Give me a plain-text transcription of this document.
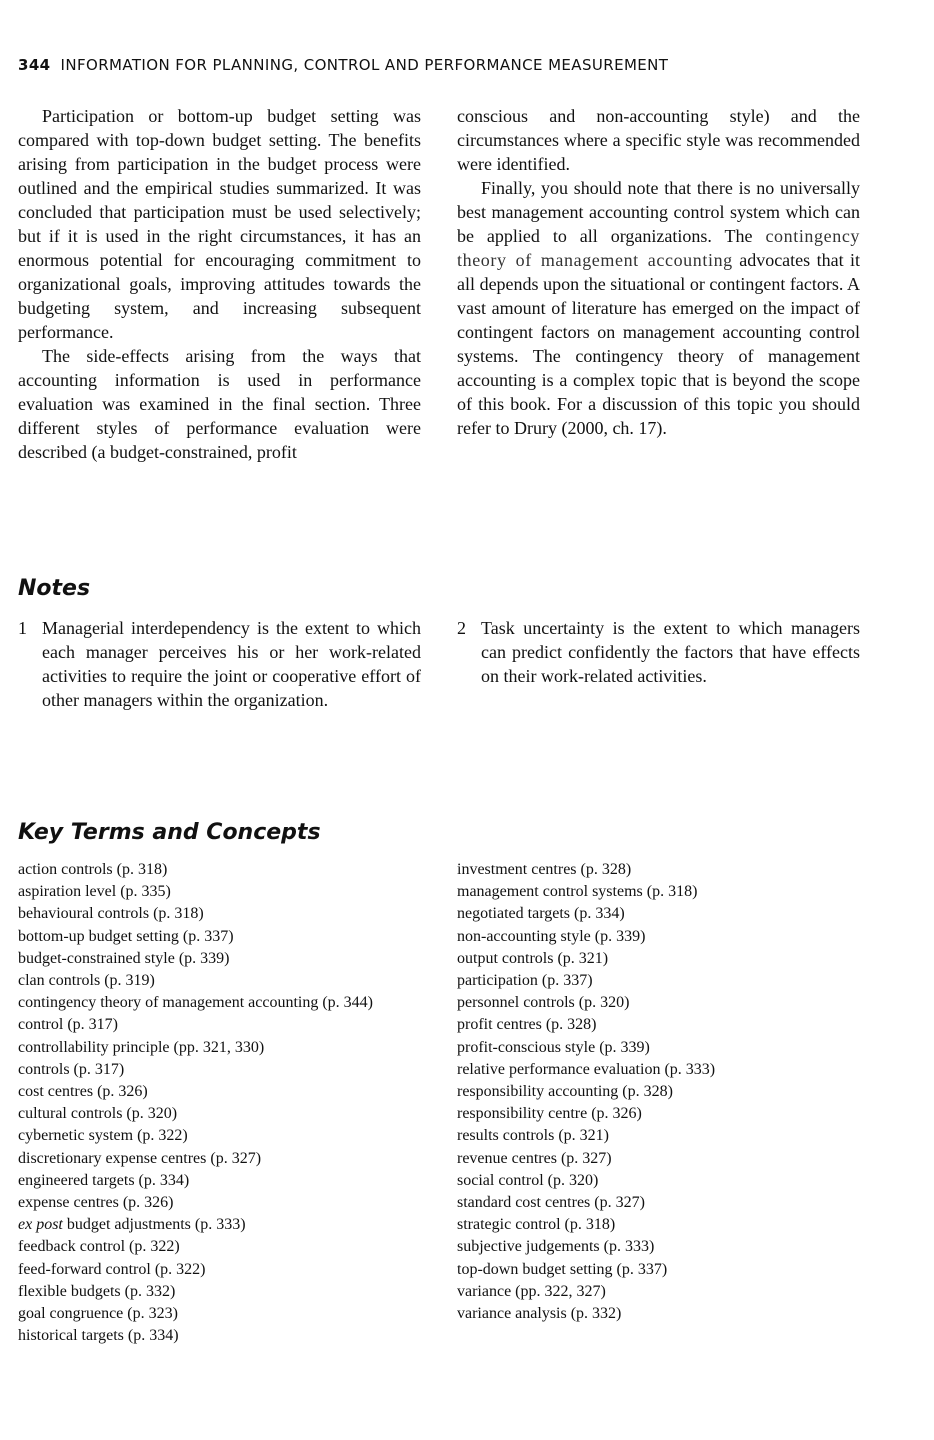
344 INFORMATION FOR PLANNING, CONTROL AND PERFORMANCE MEASUREMENT

Participation or bottom-up budget setting was compared with top-down budget setting. The benefits arising from participation in the budget process were outlined and the empirical studies summarized. It was concluded that participation must be used selectively; but if it is used in the right circumstances, it has an enormous potential for encouraging commitment to organizational goals, improving attitudes towards the budgeting system, and increasing subsequent performance.

The side-effects arising from the ways that accounting information is used in performance evaluation was examined in the final section. Three different styles of performance evaluation were described (a budget-constrained, profit

conscious and non-accounting style) and the circumstances where a specific style was recommended were identified.

Finally, you should note that there is no universally best management accounting control system which can be applied to all organizations. The contingency theory of management accounting advocates that it all depends upon the situational or contingent factors. A vast amount of literature has emerged on the impact of contingent factors on management accounting control systems. The contingency theory of management accounting is a complex topic that is beyond the scope of this book. For a discussion of this topic you should refer to Drury (2000, ch. 17).

Notes
1 Managerial interdependency is the extent to which each manager perceives his or her work-related activities to require the joint or cooperative effort of other managers within the organization.
2 Task uncertainty is the extent to which managers can predict confidently the factors that have effects on their work-related activities.
Key Terms and Concepts
action controls (p. 318)
aspiration level (p. 335)
behavioural controls (p. 318)
bottom-up budget setting (p. 337)
budget-constrained style (p. 339)
clan controls (p. 319)
contingency theory of management accounting (p. 344)
control (p. 317)
controllability principle (pp. 321, 330)
controls (p. 317)
cost centres (p. 326)
cultural controls (p. 320)
cybernetic system (p. 322)
discretionary expense centres (p. 327)
engineered targets (p. 334)
expense centres (p. 326)
ex post budget adjustments (p. 333)
feedback control (p. 322)
feed-forward control (p. 322)
flexible budgets (p. 332)
goal congruence (p. 323)
historical targets (p. 334)
investment centres (p. 328)
management control systems (p. 318)
negotiated targets (p. 334)
non-accounting style (p. 339)
output controls (p. 321)
participation (p. 337)
personnel controls (p. 320)
profit centres (p. 328)
profit-conscious style (p. 339)
relative performance evaluation (p. 333)
responsibility accounting (p. 328)
responsibility centre (p. 326)
results controls (p. 321)
revenue centres (p. 327)
social control (p. 320)
standard cost centres (p. 327)
strategic control (p. 318)
subjective judgements (p. 333)
top-down budget setting (p. 337)
variance (pp. 322, 327)
variance analysis (p. 332)
